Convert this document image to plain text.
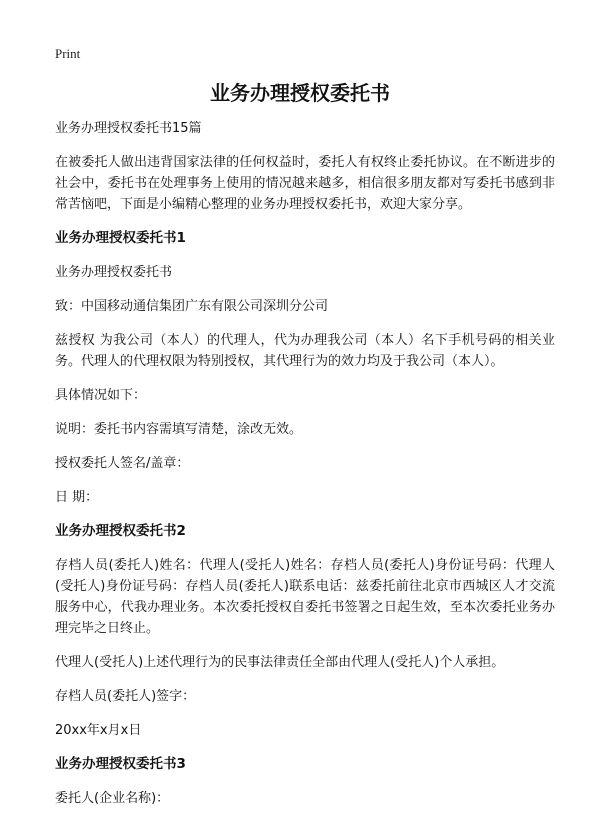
Print
业务办理授权委托书

业务办理授权委托书15篇

在被委托人做出违背国家法律的任何权益时，委托人有权终止委托协议。在不断进步的社会中，委托书在处理事务上使用的情况越来越多，相信很多朋友都对写委托书感到非常苦恼吧，下面是小编精心整理的业务办理授权委托书，欢迎大家分享。

业务办理授权委托书1

业务办理授权委托书

致：中国移动通信集团广东有限公司深圳分公司

兹授权 为我公司（本人）的代理人，代为办理我公司（本人）名下手机号码的相关业务。代理人的代理权限为特别授权，其代理行为的效力均及于我公司（本人）。

具体情况如下：

说明：委托书内容需填写清楚，涂改无效。

授权委托人签名/盖章：

日 期：

业务办理授权委托书2

存档人员(委托人)姓名：代理人(受托人)姓名：存档人员(委托人)身份证号码：代理人(受托人)身份证号码：存档人员(委托人)联系电话：兹委托前往北京市西城区人才交流服务中心，代我办理业务。本次委托授权自委托书签署之日起生效，至本次委托业务办理完毕之日终止。

代理人(受托人)上述代理行为的民事法律责任全部由代理人(受托人)个人承担。

存档人员(委托人)签字：

20xx年x月x日

业务办理授权委托书3

委托人(企业名称)：
